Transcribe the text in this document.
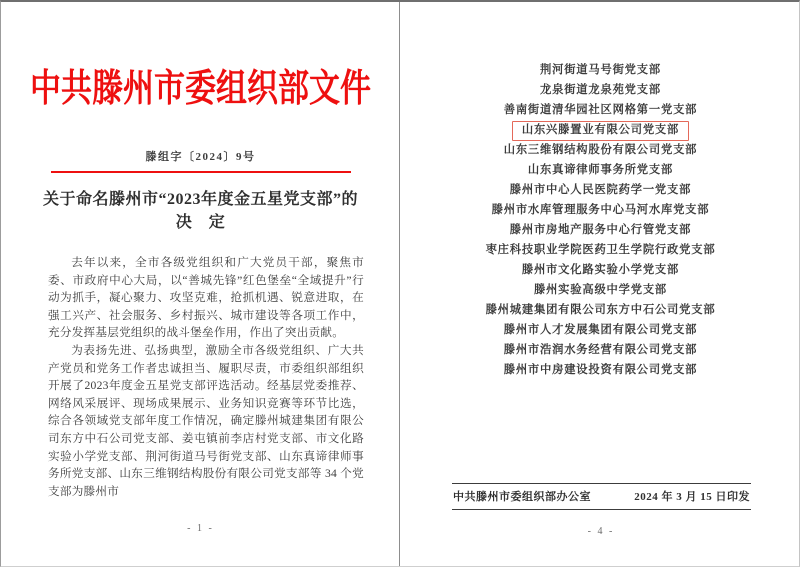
中共滕州市委组织部文件
滕组字〔2024〕9号
关于命名滕州市“2023年度金五星党支部”的
决　定

去年以来，全市各级党组织和广大党员干部，聚焦市委、市政府中心大局，以“善城先锋”红色堡垒“全域提升”行动为抓手，凝心聚力、攻坚克难，抢抓机遇、锐意进取，在强工兴产、社会服务、乡村振兴、城市建设等各项工作中，充分发挥基层党组织的战斗堡垒作用，作出了突出贡献。

为表扬先进、弘扬典型，激励全市各级党组织、广大共产党员和党务工作者忠诚担当、履职尽责，市委组织部组织开展了2023年度金五星党支部评选活动。经基层党委推荐、网络风采展评、现场成果展示、业务知识竞赛等环节比选，综合各领域党支部年度工作情况，确定滕州城建集团有限公司东方中石公司党支部、姜屯镇前李店村党支部、市文化路实验小学党支部、荆河街道马号街党支部、山东真谛律师事务所党支部、山东三维钢结构股份有限公司党支部等 34 个党支部为滕州市

- 1 -
荆河街道马号街党支部
龙泉街道龙泉苑党支部
善南街道清华园社区网格第一党支部
山东兴滕置业有限公司党支部
山东三维钢结构股份有限公司党支部
山东真谛律师事务所党支部
滕州市中心人民医院药学一党支部
滕州市水库管理服务中心马河水库党支部
滕州市房地产服务中心行管党支部
枣庄科技职业学院医药卫生学院行政党支部
滕州市文化路实验小学党支部
滕州实验高级中学党支部
滕州城建集团有限公司东方中石公司党支部
滕州市人才发展集团有限公司党支部
滕州市浩润水务经营有限公司党支部
滕州市中房建设投资有限公司党支部
中共滕州市委组织部办公室	2024 年 3 月 15 日印发
- 4 -
